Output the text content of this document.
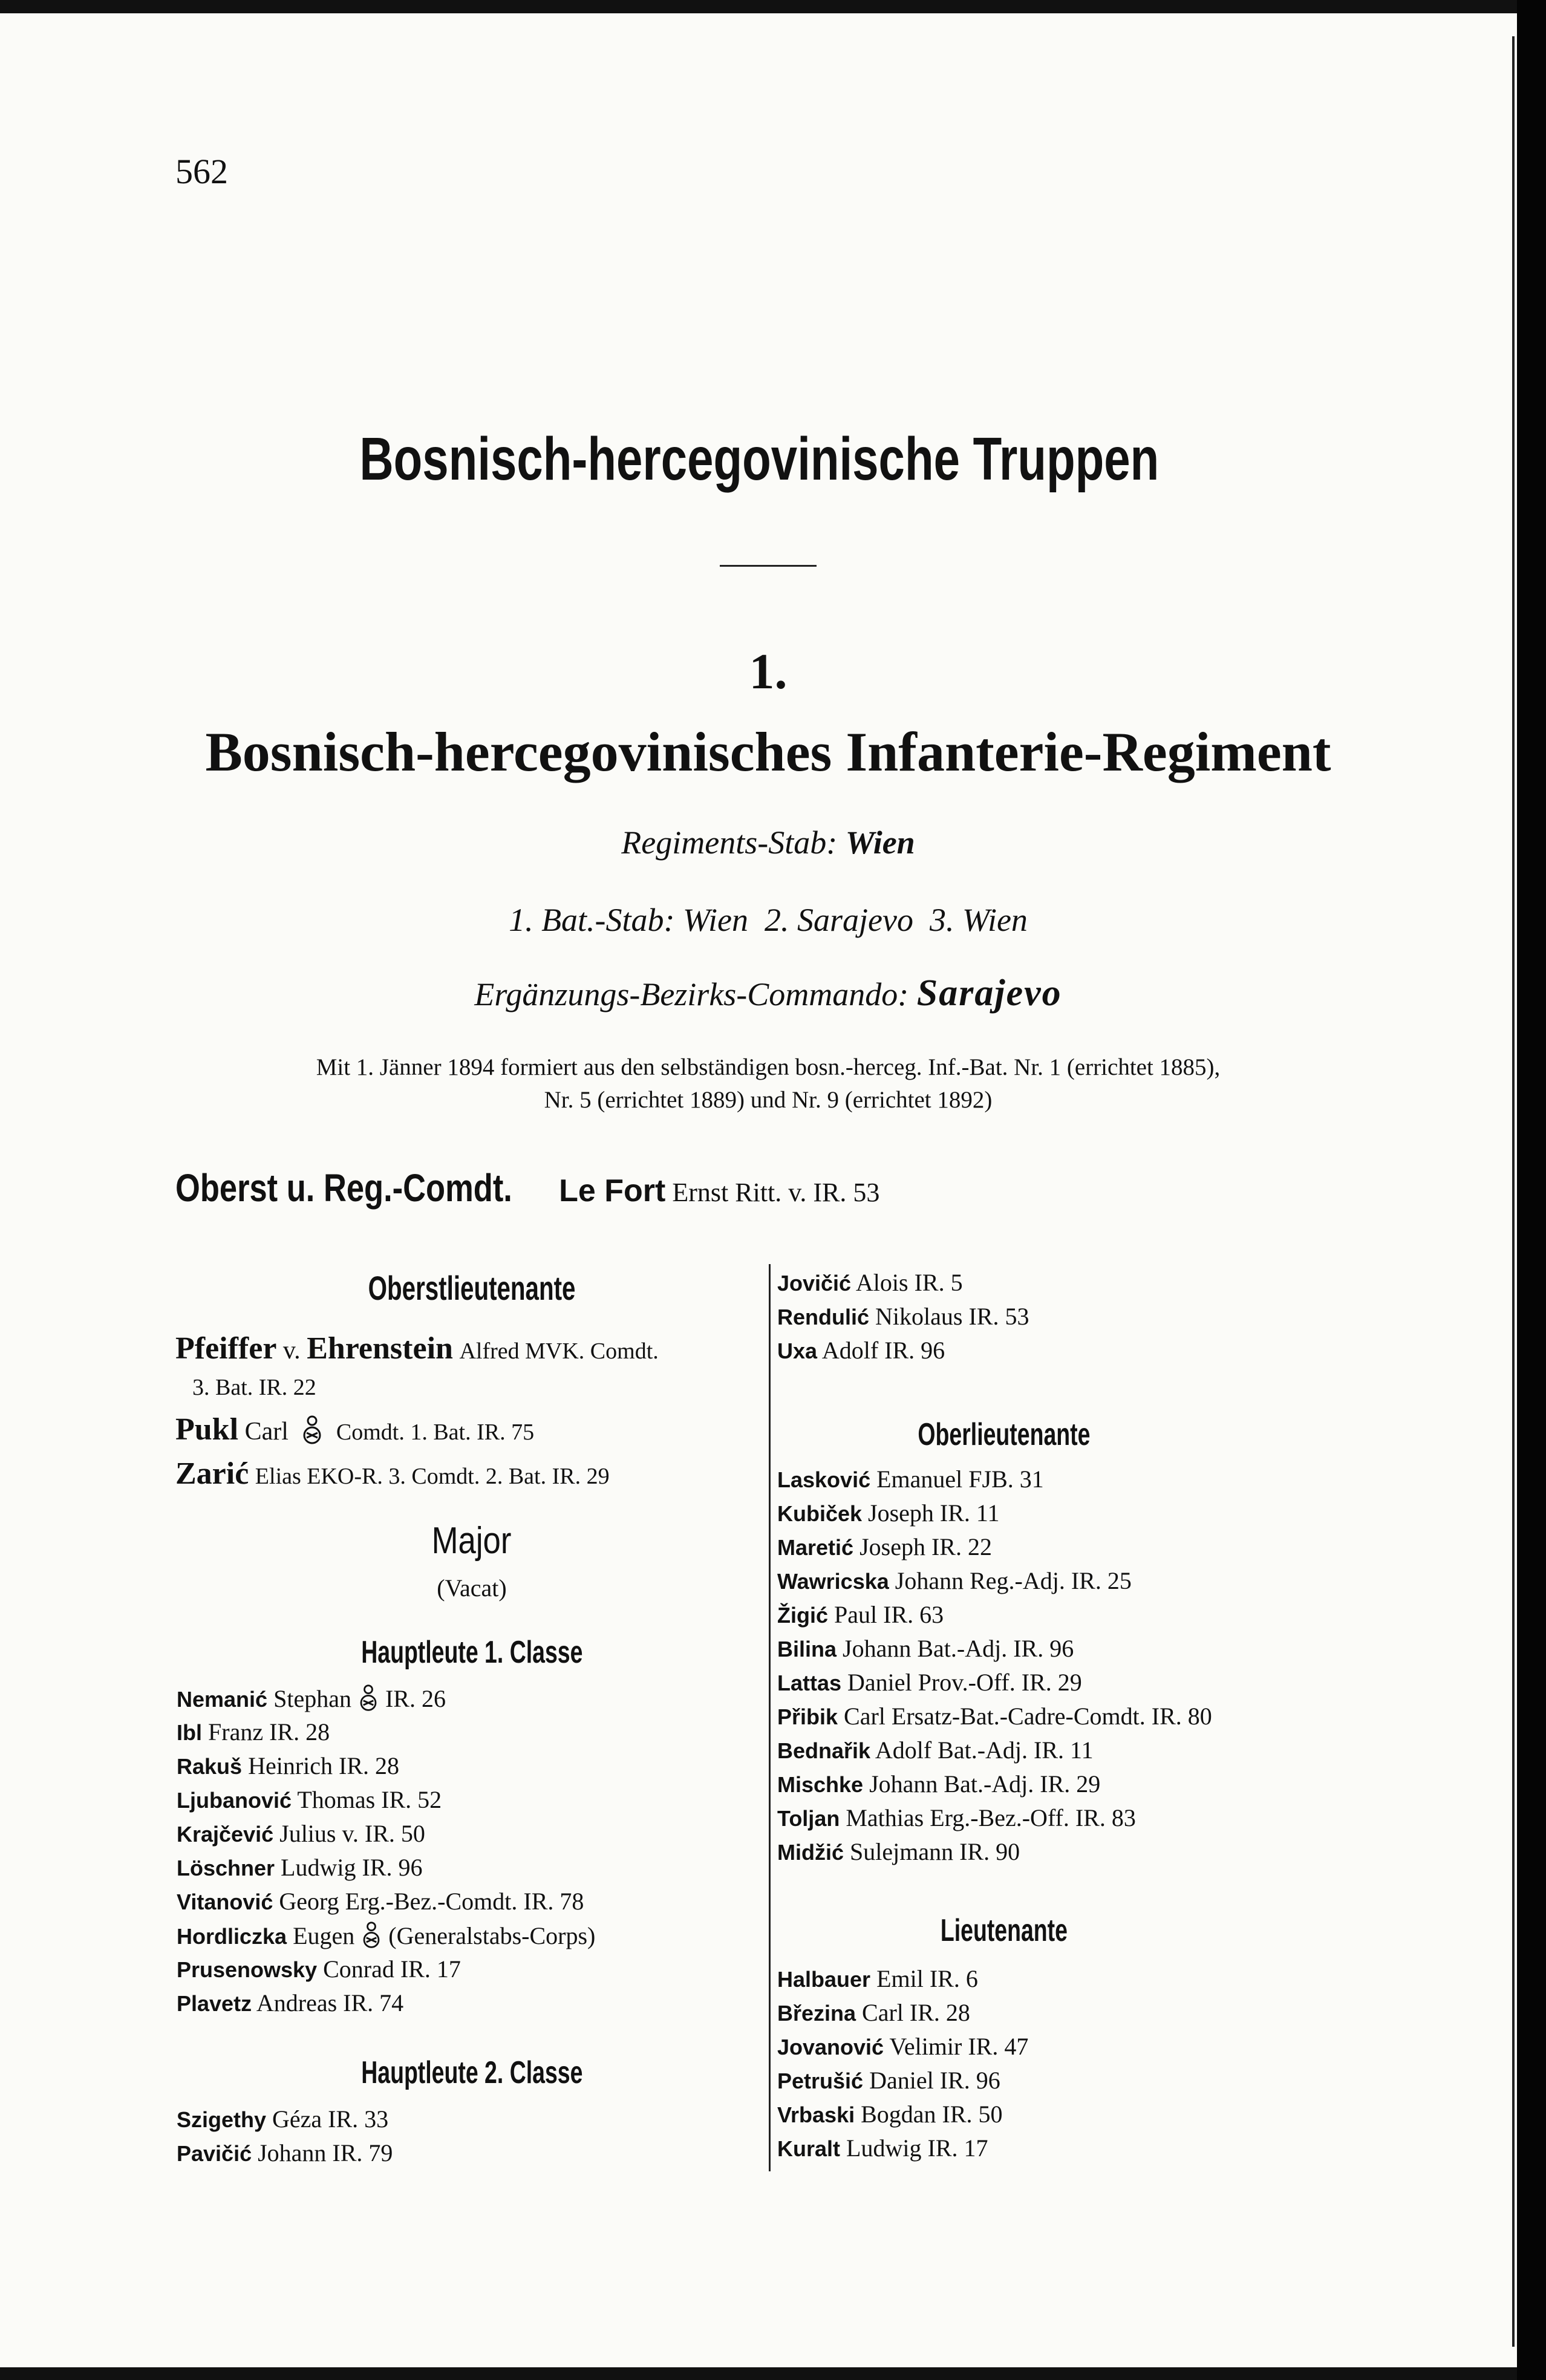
562
Bosnisch-hercegovinische Truppen
1.
Bosnisch-hercegovinisches Infanterie-Regiment
Regiments-Stab: Wien
1. Bat.-Stab: Wien  2. Sarajevo  3. Wien
Ergänzungs-Bezirks-Commando: Sarajevo
Mit 1. Jänner 1894 formiert aus den selbständigen bosn.-herceg. Inf.-Bat. Nr. 1 (errichtet 1885),
Nr. 5 (errichtet 1889) und Nr. 9 (errichtet 1892)
Oberst u. Reg.-Comdt. Le Fort Ernst Ritt. v. IR. 53
Oberstlieutenante
Pfeiffer v. Ehrenstein Alfred MVK. Comdt.
3. Bat. IR. 22
Pukl Carl Comdt. 1. Bat. IR. 75
Zarić Elias EKO-R. 3. Comdt. 2. Bat. IR. 29
Major
(Vacat)
Hauptleute 1. Classe
Nemanić Stephan IR. 26
Ibl Franz IR. 28
Rakuš Heinrich IR. 28
Ljubanović Thomas IR. 52
Krajčević Julius v. IR. 50
Löschner Ludwig IR. 96
Vitanović Georg Erg.-Bez.-Comdt. IR. 78
Hordliczka Eugen (Generalstabs-Corps)
Prusenowsky Conrad IR. 17
Plavetz Andreas IR. 74
Hauptleute 2. Classe
Szigethy Géza IR. 33
Pavičić Johann IR. 79
Jovičić Alois IR. 5
Rendulić Nikolaus IR. 53
Uxa Adolf IR. 96
Oberlieutenante
Lasković Emanuel FJB. 31
Kubiček Joseph IR. 11
Maretić Joseph IR. 22
Wawricska Johann Reg.-Adj. IR. 25
Žigić Paul IR. 63
Bilina Johann Bat.-Adj. IR. 96
Lattas Daniel Prov.-Off. IR. 29
Přibik Carl Ersatz-Bat.-Cadre-Comdt. IR. 80
Bednařik Adolf Bat.-Adj. IR. 11
Mischke Johann Bat.-Adj. IR. 29
Toljan Mathias Erg.-Bez.-Off. IR. 83
Midžić Sulejmann IR. 90
Lieutenante
Halbauer Emil IR. 6
Březina Carl IR. 28
Jovanović Velimir IR. 47
Petrušić Daniel IR. 96
Vrbaski Bogdan IR. 50
Kuralt Ludwig IR. 17
